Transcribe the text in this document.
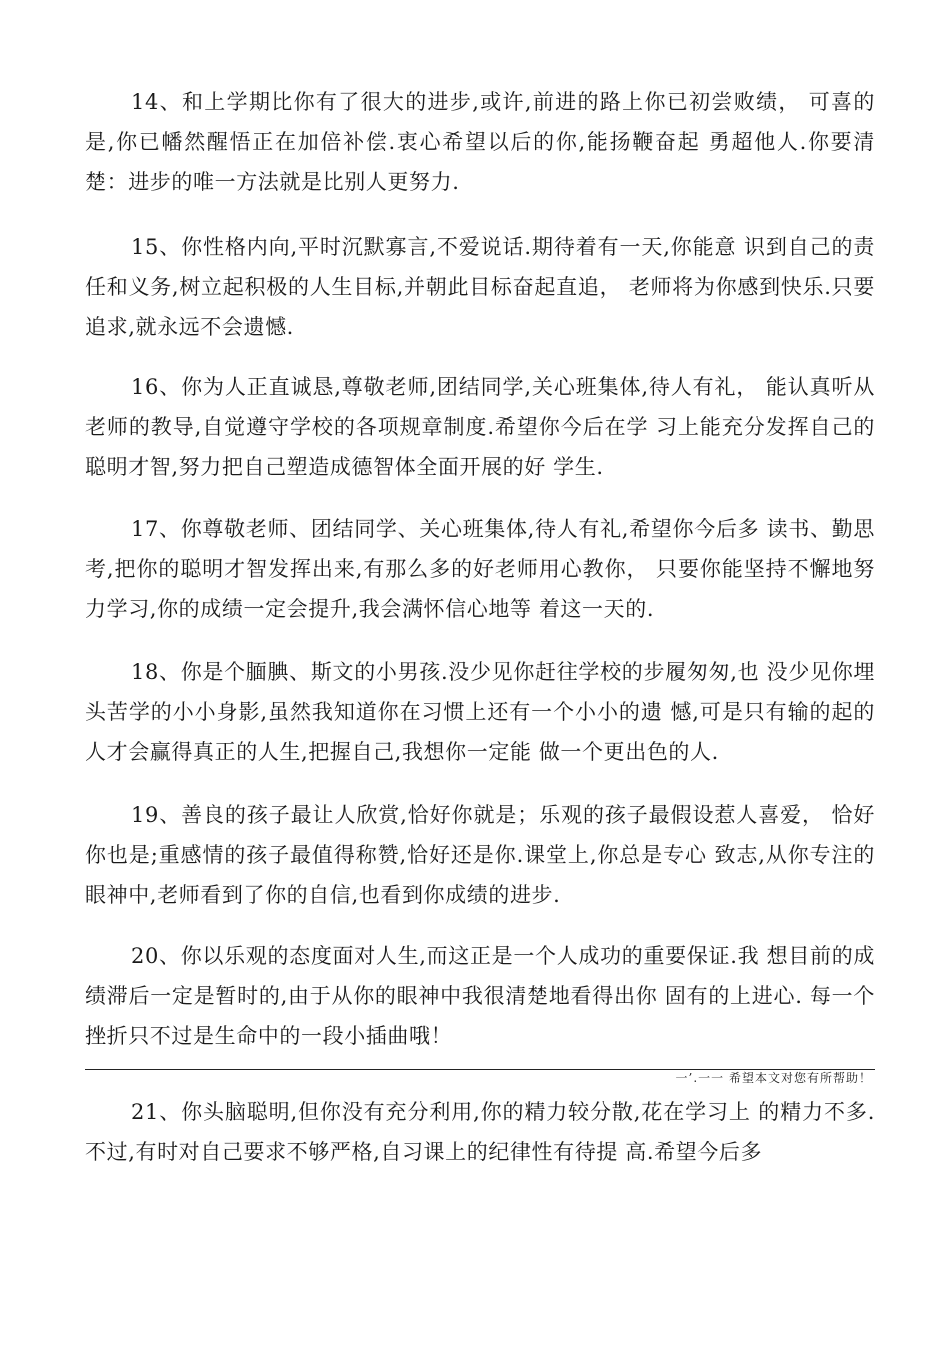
14、和上学期比你有了很大的进步,或许,前进的路上你已初尝败绩， 可喜的是,你已幡然醒悟正在加倍补偿.衷心希望以后的你,能扬鞭奋起 勇超他人.你要清楚：进步的唯一方法就是比别人更努力.

15、你性格内向,平时沉默寡言,不爱说话.期待着有一天,你能意 识到自己的责任和义务,树立起积极的人生目标,并朝此目标奋起直追， 老师将为你感到快乐.只要追求,就永远不会遗憾.

16、你为人正直诚恳,尊敬老师,团结同学,关心班集体,待人有礼， 能认真听从老师的教导,自觉遵守学校的各项规章制度.希望你今后在学 习上能充分发挥自己的聪明才智,努力把自己塑造成德智体全面开展的好 学生.

17、你尊敬老师、团结同学、关心班集体,待人有礼,希望你今后多 读书、勤思考,把你的聪明才智发挥出来,有那么多的好老师用心教你， 只要你能坚持不懈地努力学习,你的成绩一定会提升,我会满怀信心地等 着这一天的.

18、你是个腼腆、斯文的小男孩.没少见你赶往学校的步履匆匆,也 没少见你埋头苦学的小小身影,虽然我知道你在习惯上还有一个小小的遗 憾,可是只有输的起的人才会赢得真正的人生,把握自己,我想你一定能 做一个更出色的人.

19、善良的孩子最让人欣赏,恰好你就是；乐观的孩子最假设惹人喜爱， 恰好你也是;重感情的孩子最值得称赞,恰好还是你.课堂上,你总是专心 致志,从你专注的眼神中,老师看到了你的自信,也看到你成绩的进步.

20、你以乐观的态度面对人生,而这正是一个人成功的重要保证.我 想目前的成绩滞后一定是暂时的,由于从你的眼神中我很清楚地看得出你 固有的上进心. 每一个挫折只不过是生命中的一段小插曲哦！

一’.一一 希望本文对您有所帮助！

21、你头脑聪明,但你没有充分利用,你的精力较分散,花在学习上 的精力不多.不过,有时对自己要求不够严格,自习课上的纪律性有待提 高.希望今后多
